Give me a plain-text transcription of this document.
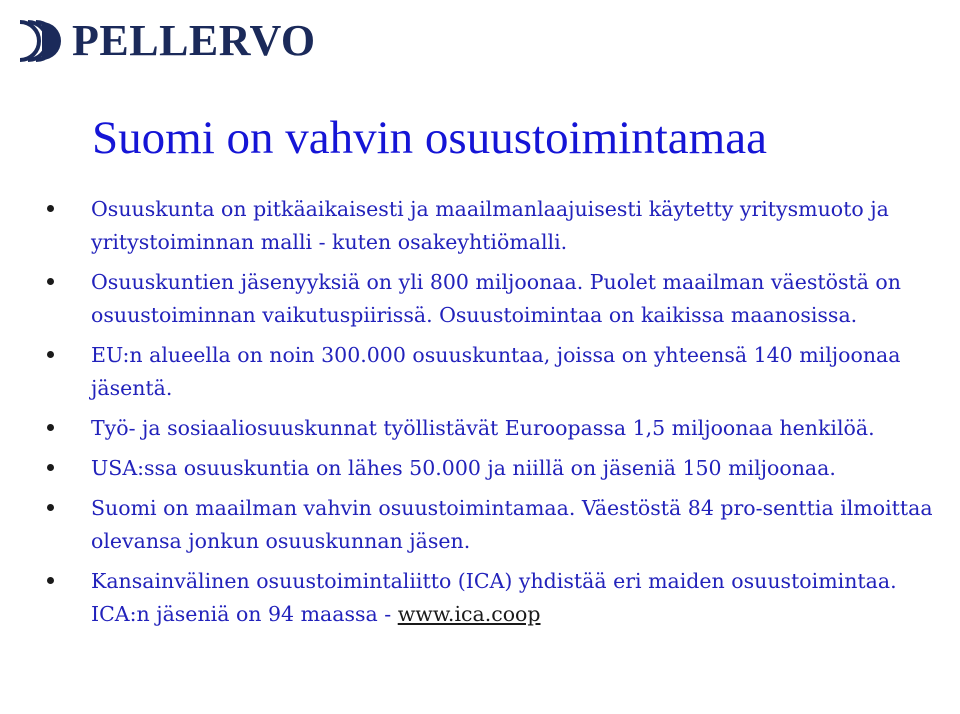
PELLERVO
Suomi on vahvin osuustoimintamaa
Osuuskunta on pitkäaikaisesti ja maailmanlaajuisesti käytetty yritysmuoto ja yritystoiminnan malli - kuten osakeyhtiömalli.
Osuuskuntien jäsenyyksiä on yli 800 miljoonaa. Puolet maailman väestöstä on osuustoiminnan vaikutuspiirissä. Osuustoimintaa on kaikissa maanosissa.
EU:n alueella on noin 300.000 osuuskuntaa, joissa on yhteensä 140 miljoonaa jäsentä.
Työ- ja sosiaaliosuuskunnat työllistävät Euroopassa 1,5 miljoonaa henkilöä.
USA:ssa osuuskuntia on lähes 50.000 ja niillä on jäseniä 150 miljoonaa.
Suomi on maailman vahvin osuustoimintamaa. Väestöstä 84 pro-senttia ilmoittaa olevansa jonkun osuuskunnan jäsen.
Kansainvälinen osuustoimintaliitto (ICA) yhdistää eri maiden osuustoimintaa. ICA:n jäseniä on 94 maassa - www.ica.coop
